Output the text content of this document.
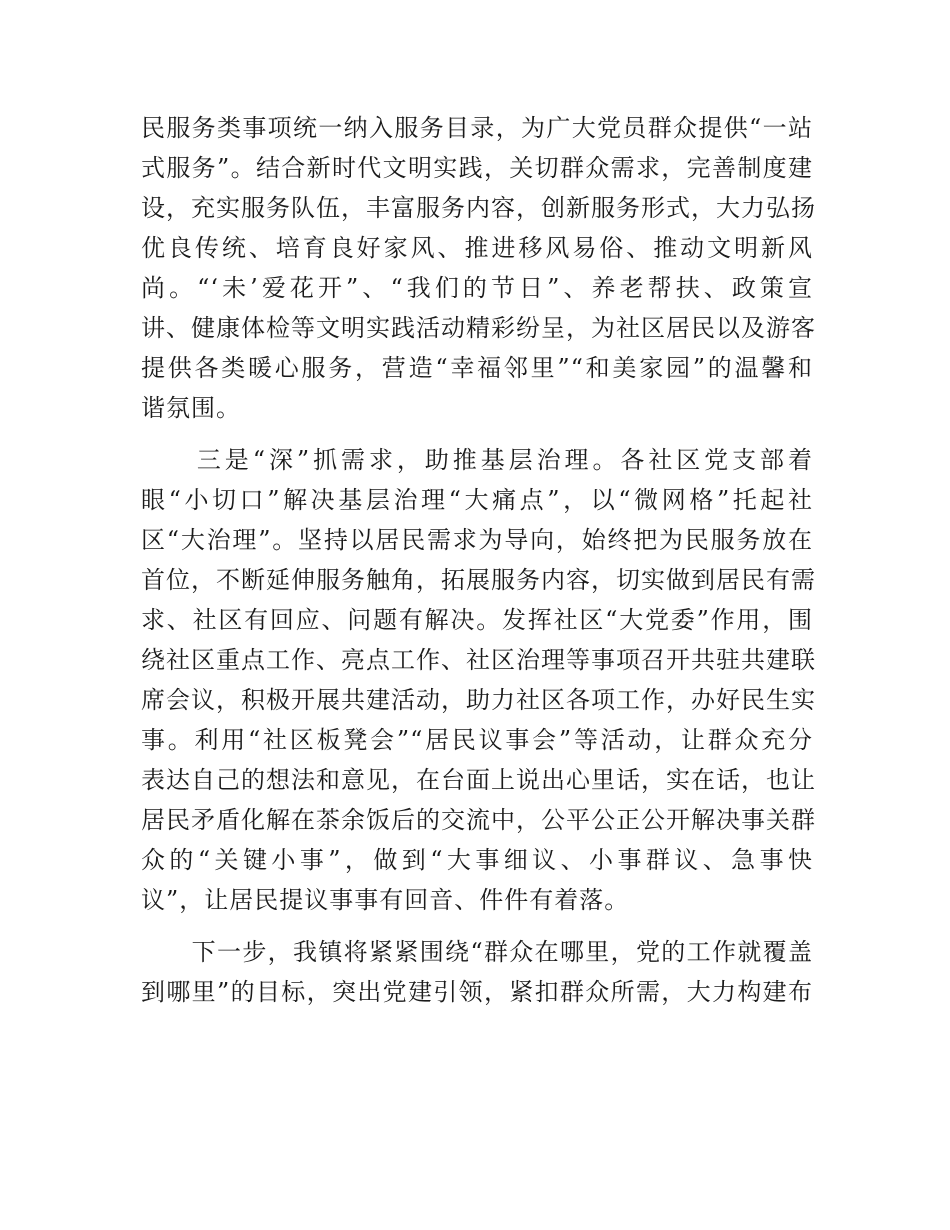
民服务类事项统一纳入服务目录，为广大党员群众提供“一站
式服务”。结合新时代文明实践，关切群众需求，完善制度建
设，充实服务队伍，丰富服务内容，创新服务形式，大力弘扬
优良传统、培育良好家风、推进移风易俗、推动文明新风
尚。“‘未’爱花开”、“我们的节日”、养老帮扶、政策宣
讲、健康体检等文明实践活动精彩纷呈，为社区居民以及游客
提供各类暖心服务，营造“幸福邻里”“和美家园”的温馨和
谐氛围。
　　三是“深”抓需求，助推基层治理。各社区党支部着
眼“小切口”解决基层治理“大痛点”，以“微网格”托起社
区“大治理”。坚持以居民需求为导向，始终把为民服务放在
首位，不断延伸服务触角，拓展服务内容，切实做到居民有需
求、社区有回应、问题有解决。发挥社区“大党委”作用，围
绕社区重点工作、亮点工作、社区治理等事项召开共驻共建联
席会议，积极开展共建活动，助力社区各项工作，办好民生实
事。利用“社区板凳会”“居民议事会”等活动，让群众充分
表达自己的想法和意见，在台面上说出心里话，实在话，也让
居民矛盾化解在茶余饭后的交流中，公平公正公开解决事关群
众的“关键小事”，做到“大事细议、小事群议、急事快
议”，让居民提议事事有回音、件件有着落。
　　下一步，我镇将紧紧围绕“群众在哪里，党的工作就覆盖
到哪里”的目标，突出党建引领，紧扣群众所需，大力构建布
